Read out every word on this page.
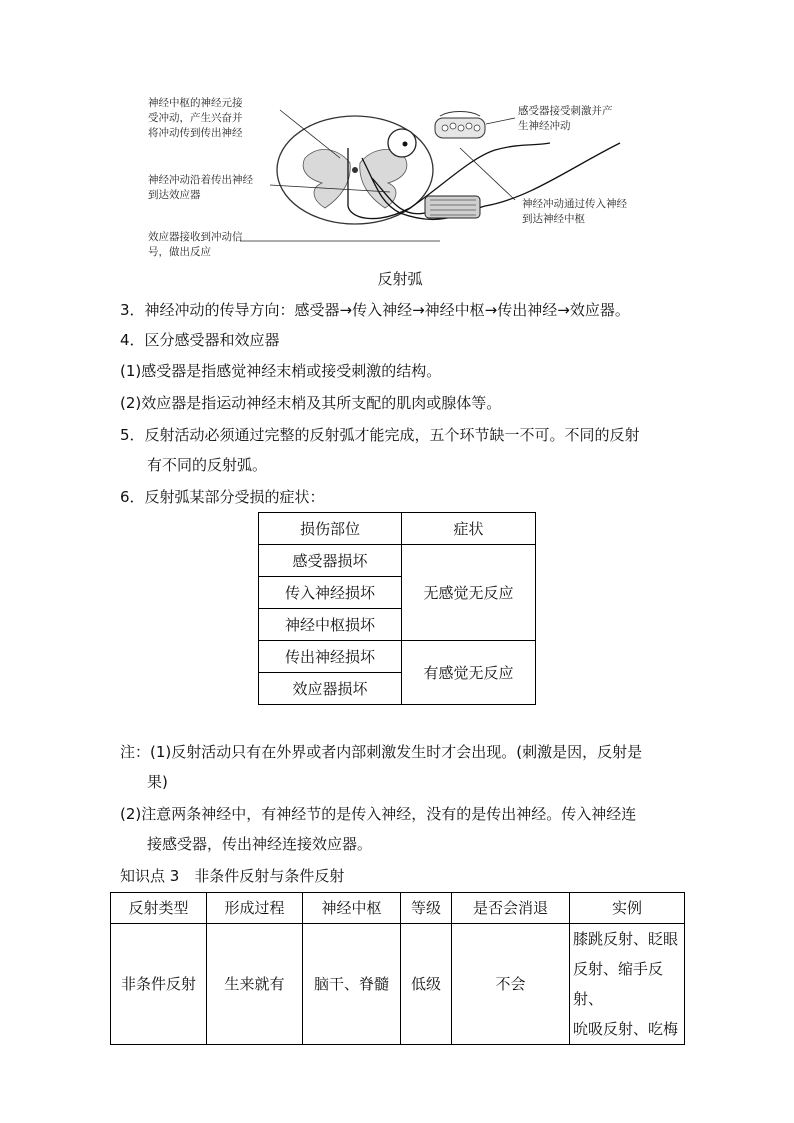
神经中枢的神经元接
受冲动，产生兴奋并
将冲动传到传出神经
神经冲动沿着传出神经
到达效应器
效应器接收到冲动信
号，做出反应
感受器接受刺激并产
生神经冲动
神经冲动通过传入神经
到达神经中枢
反射弧
3．神经冲动的传导方向：感受器→传入神经→神经中枢→传出神经→效应器。
4．区分感受器和效应器
(1)感受器是指感觉神经末梢或接受刺激的结构。
(2)效应器是指运动神经末梢及其所支配的肌肉或腺体等。
5．反射活动必须通过完整的反射弧才能完成，五个环节缺一不可。不同的反射
有不同的反射弧。
6．反射弧某部分受损的症状：
损伤部位	症状
感受器损坏	无感觉无反应
传入神经损坏	
神经中枢损坏	
传出神经损坏	有感觉无反应
效应器损坏	
注：(1)反射活动只有在外界或者内部刺激发生时才会出现。(刺激是因，反射是
果)
(2)注意两条神经中，有神经节的是传入神经，没有的是传出神经。传入神经连
接感受器，传出神经连接效应器。
知识点 3　非条件反射与条件反射
反射类型	形成过程	神经中枢	等级	是否会消退	实例
非条件反射	生来就有	脑干、脊髓	低级	不会	膝跳反射、眨眼
反射、缩手反射、
吮吸反射、吃梅
